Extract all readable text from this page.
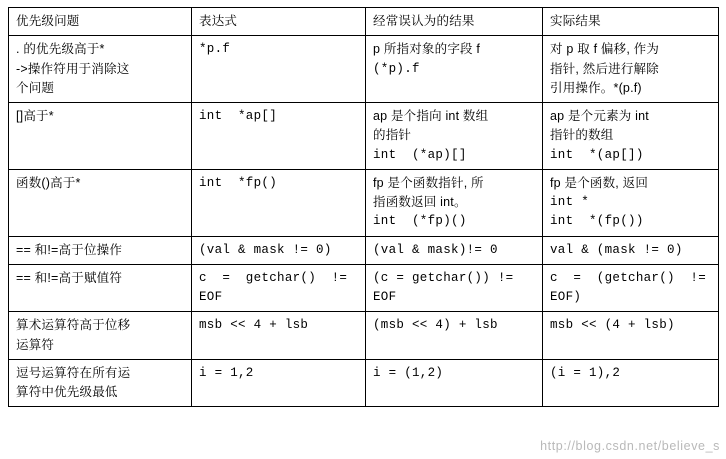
优先级问题	表达式	经常误认为的结果	实际结果

. 的优先级高于*
->操作符用于消除这
个问题	*p.f	p 所指对象的字段 f
(*p).f	对 p 取 f 偏移, 作为
指针, 然后进行解除
引用操作。*(p.f)

[]高于*	int  *ap[]	ap 是个指向 int 数组
的指针
int  (*ap)[]	ap 是个元素为 int
指针的数组
int  *(ap[])

函数()高于*	int  *fp()	fp 是个函数指针, 所
指函数返回 int。
int  (*fp)()	fp 是个函数, 返回
int *
int  *(fp())

== 和!=高于位操作	(val & mask != 0)	(val & mask)!= 0	val & (mask != 0)

== 和!=高于赋值符	c  =  getchar()  !=
EOF	(c = getchar()) !=
EOF	c  =  (getchar()  !=
EOF)

算术运算符高于位移
运算符	msb << 4 + lsb	(msb << 4) + lsb	msb << (4 + lsb)

逗号运算符在所有运
算符中优先级最低	i = 1,2	i = (1,2)	(i = 1),2
http://blog.csdn.net/believe_s
